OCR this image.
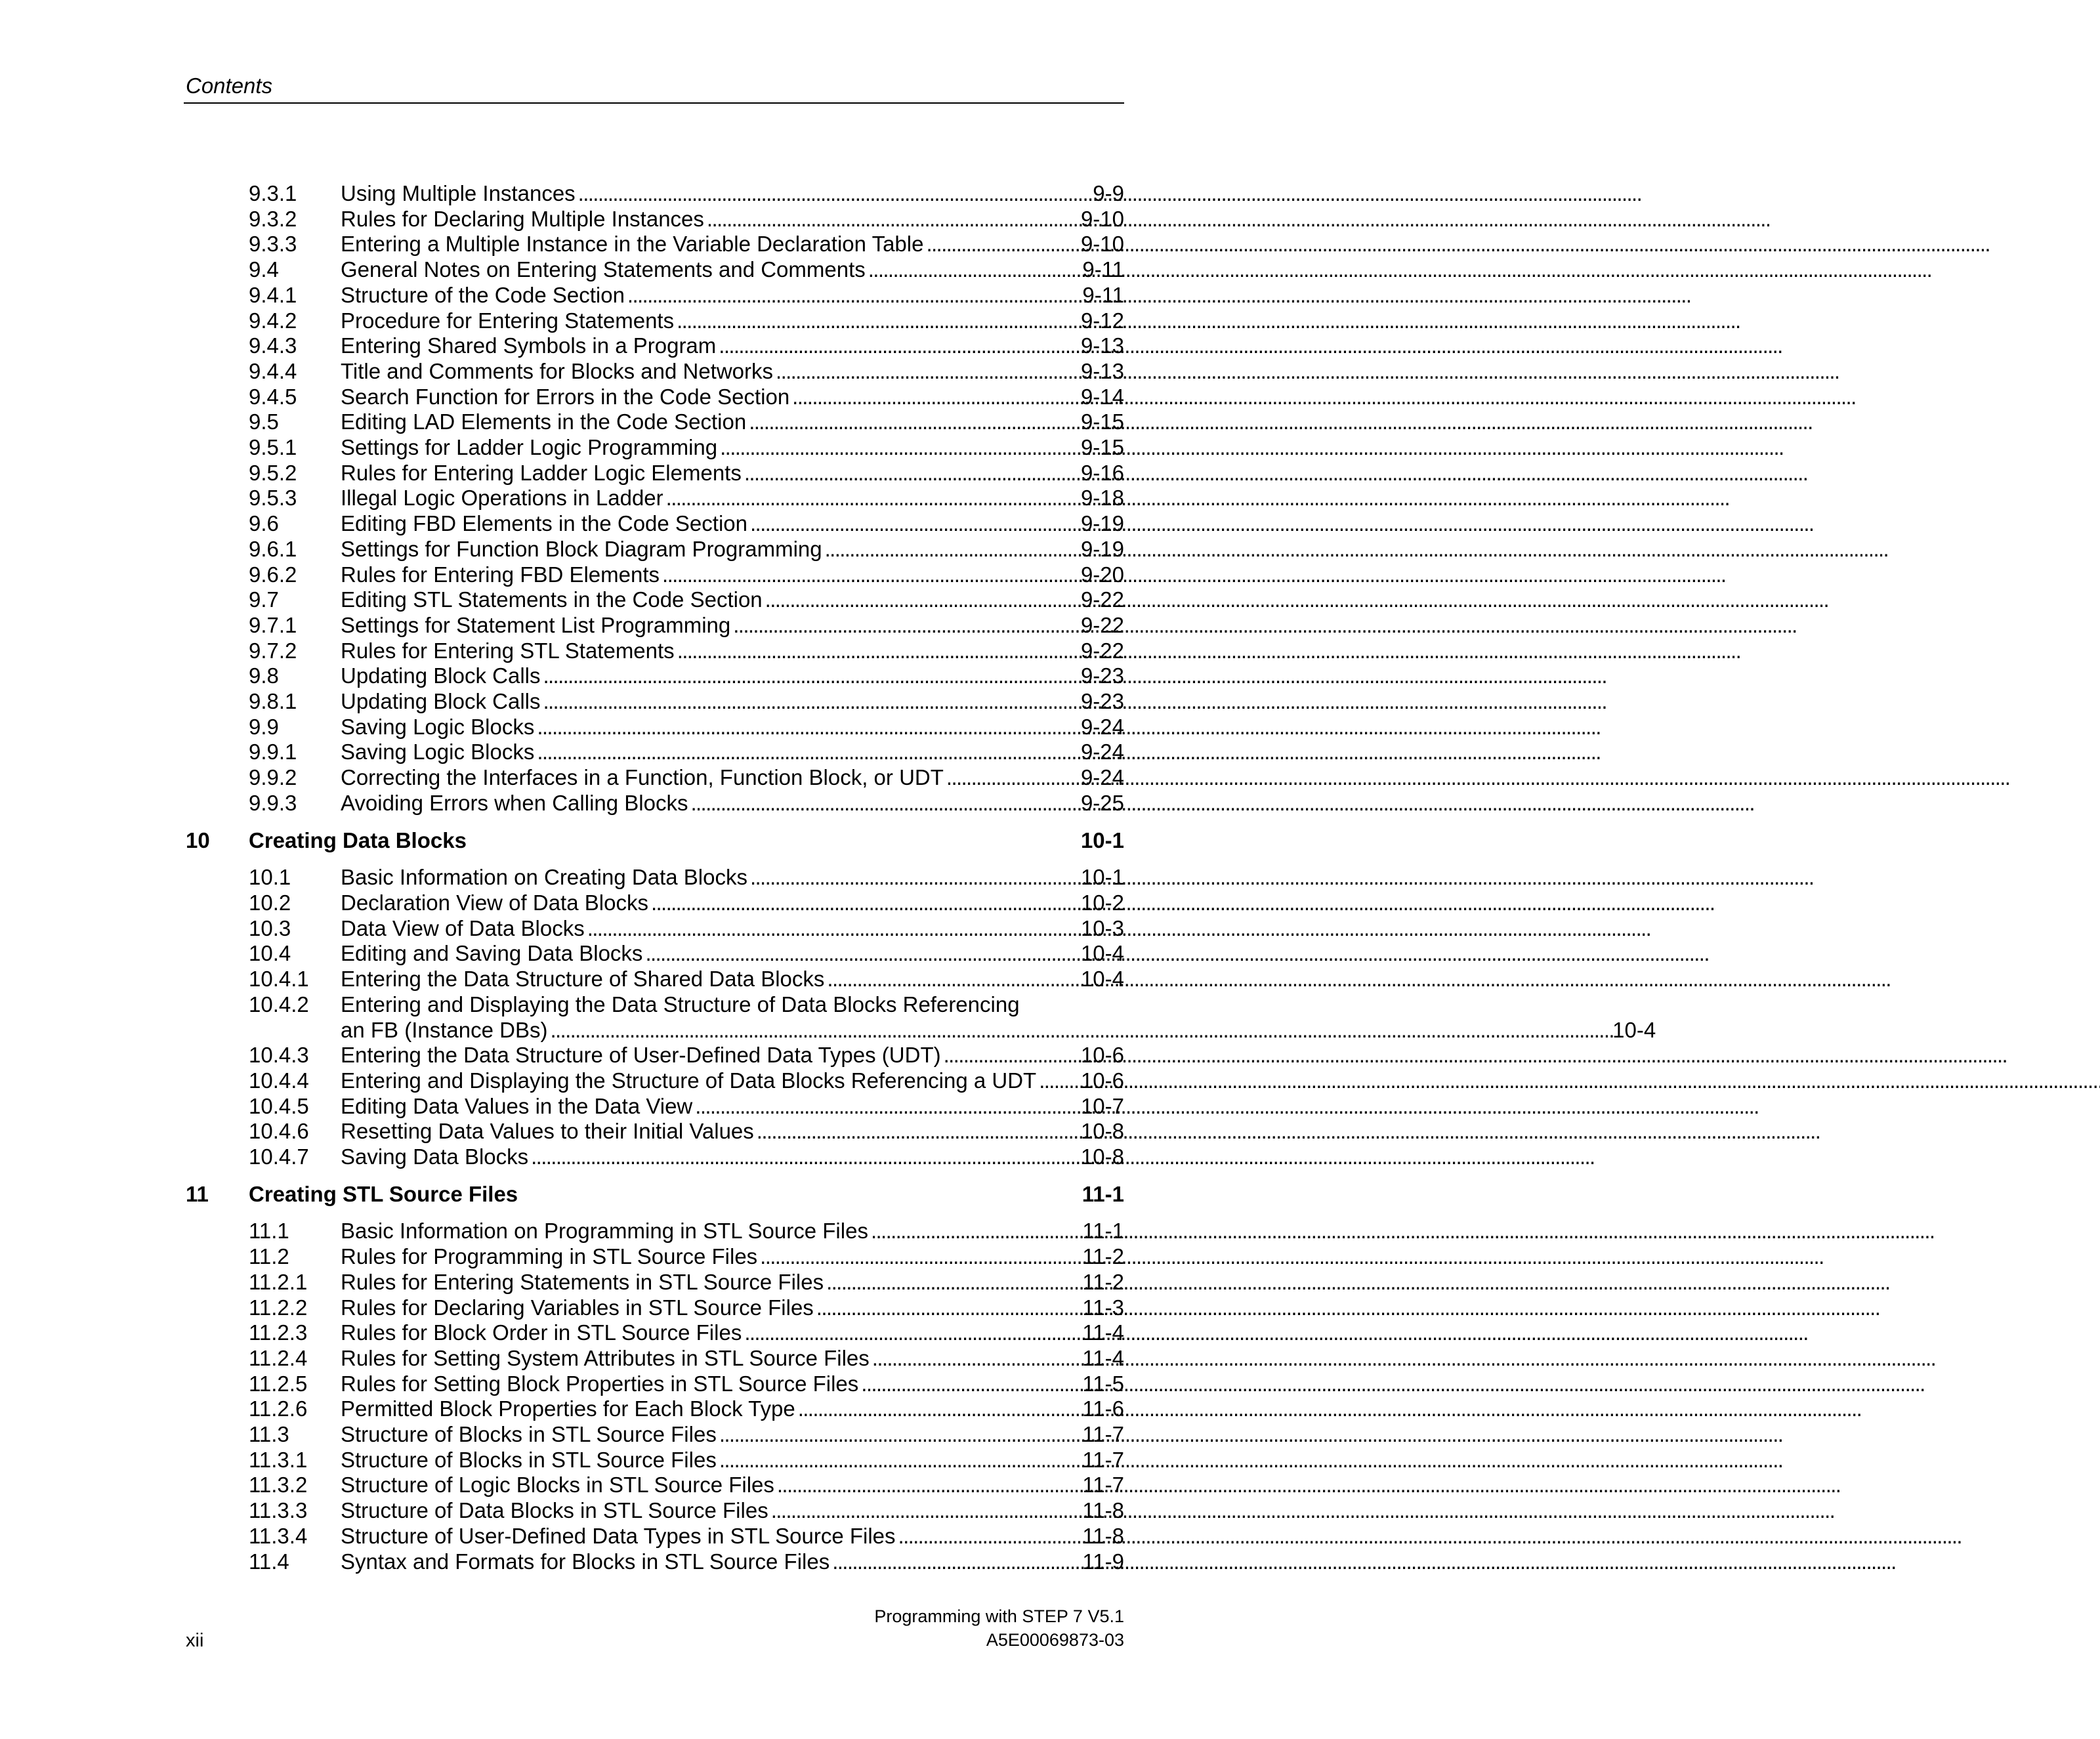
Contents
9.3.1	Using Multiple Instances . . .	9-9
9.3.2	Rules for Declaring Multiple Instances . . .	9-10
9.3.3	Entering a Multiple Instance in the Variable Declaration Table . . .	9-10
9.4	General Notes on Entering Statements and Comments . . .	9-11
9.4.1	Structure of the Code Section . . .	9-11
9.4.2	Procedure for Entering Statements . . .	9-12
9.4.3	Entering Shared Symbols in a Program . . .	9-13
9.4.4	Title and Comments for Blocks and Networks . . .	9-13
9.4.5	Search Function for Errors in the Code Section . . .	9-14
9.5	Editing LAD Elements in the Code Section . . .	9-15
9.5.1	Settings for Ladder Logic Programming . . .	9-15
9.5.2	Rules for Entering Ladder Logic Elements . . .	9-16
9.5.3	Illegal Logic Operations in Ladder . . .	9-18
9.6	Editing FBD Elements in the Code Section . . .	9-19
9.6.1	Settings for Function Block Diagram Programming . . .	9-19
9.6.2	Rules for Entering FBD Elements . . .	9-20
9.7	Editing STL Statements in the Code Section . . .	9-22
9.7.1	Settings for Statement List Programming . . .	9-22
9.7.2	Rules for Entering STL Statements . . .	9-22
9.8	Updating Block Calls . . .	9-23
9.8.1	Updating Block Calls . . .	9-23
9.9	Saving Logic Blocks . . .	9-24
9.9.1	Saving Logic Blocks . . .	9-24
9.9.2	Correcting the Interfaces in a Function, Function Block, or UDT . . .	9-24
9.9.3	Avoiding Errors when Calling Blocks . . .	9-25
10	Creating Data Blocks	10-1
10.1	Basic Information on Creating Data Blocks . . .	10-1
10.2	Declaration View of Data Blocks . . .	10-2
10.3	Data View of Data Blocks . . .	10-3
10.4	Editing and Saving Data Blocks . . .	10-4
10.4.1	Entering the Data Structure of Shared Data Blocks . . .	10-4
10.4.2	Entering and Displaying the Data Structure of Data Blocks Referencing
an FB (Instance DBs) . . .	10-4
10.4.3	Entering the Data Structure of User-Defined Data Types (UDT) . . .	10-6
10.4.4	Entering and Displaying the Structure of Data Blocks Referencing a UDT . . . 10-6
10.4.5	Editing Data Values in the Data View . . .	10-7
10.4.6	Resetting Data Values to their Initial Values . . .	10-8
10.4.7	Saving Data Blocks . . .	10-8
11	Creating STL Source Files	11-1
11.1	Basic Information on Programming in STL Source Files . . .	11-1
11.2	Rules for Programming in STL Source Files . . .	11-2
11.2.1	Rules for Entering Statements in STL Source Files . . .	11-2
11.2.2	Rules for Declaring Variables in STL Source Files . . .	11-3
11.2.3	Rules for Block Order in STL Source Files . . .	11-4
11.2.4	Rules for Setting System Attributes in STL Source Files . . .	11-4
11.2.5	Rules for Setting Block Properties in STL Source Files . . .	11-5
11.2.6	Permitted Block Properties for Each Block Type . . .	11-6
11.3	Structure of Blocks in STL Source Files . . .	11-7
11.3.1	Structure of Blocks in STL Source Files . . .	11-7
11.3.2	Structure of Logic Blocks in STL Source Files . . .	11-7
11.3.3	Structure of Data Blocks in STL Source Files . . .	11-8
11.3.4	Structure of User-Defined Data Types in STL Source Files . . .	11-8
11.4	Syntax and Formats for Blocks in STL Source Files . . .	11-9
xii
Programming with STEP 7 V5.1
A5E00069873-03
